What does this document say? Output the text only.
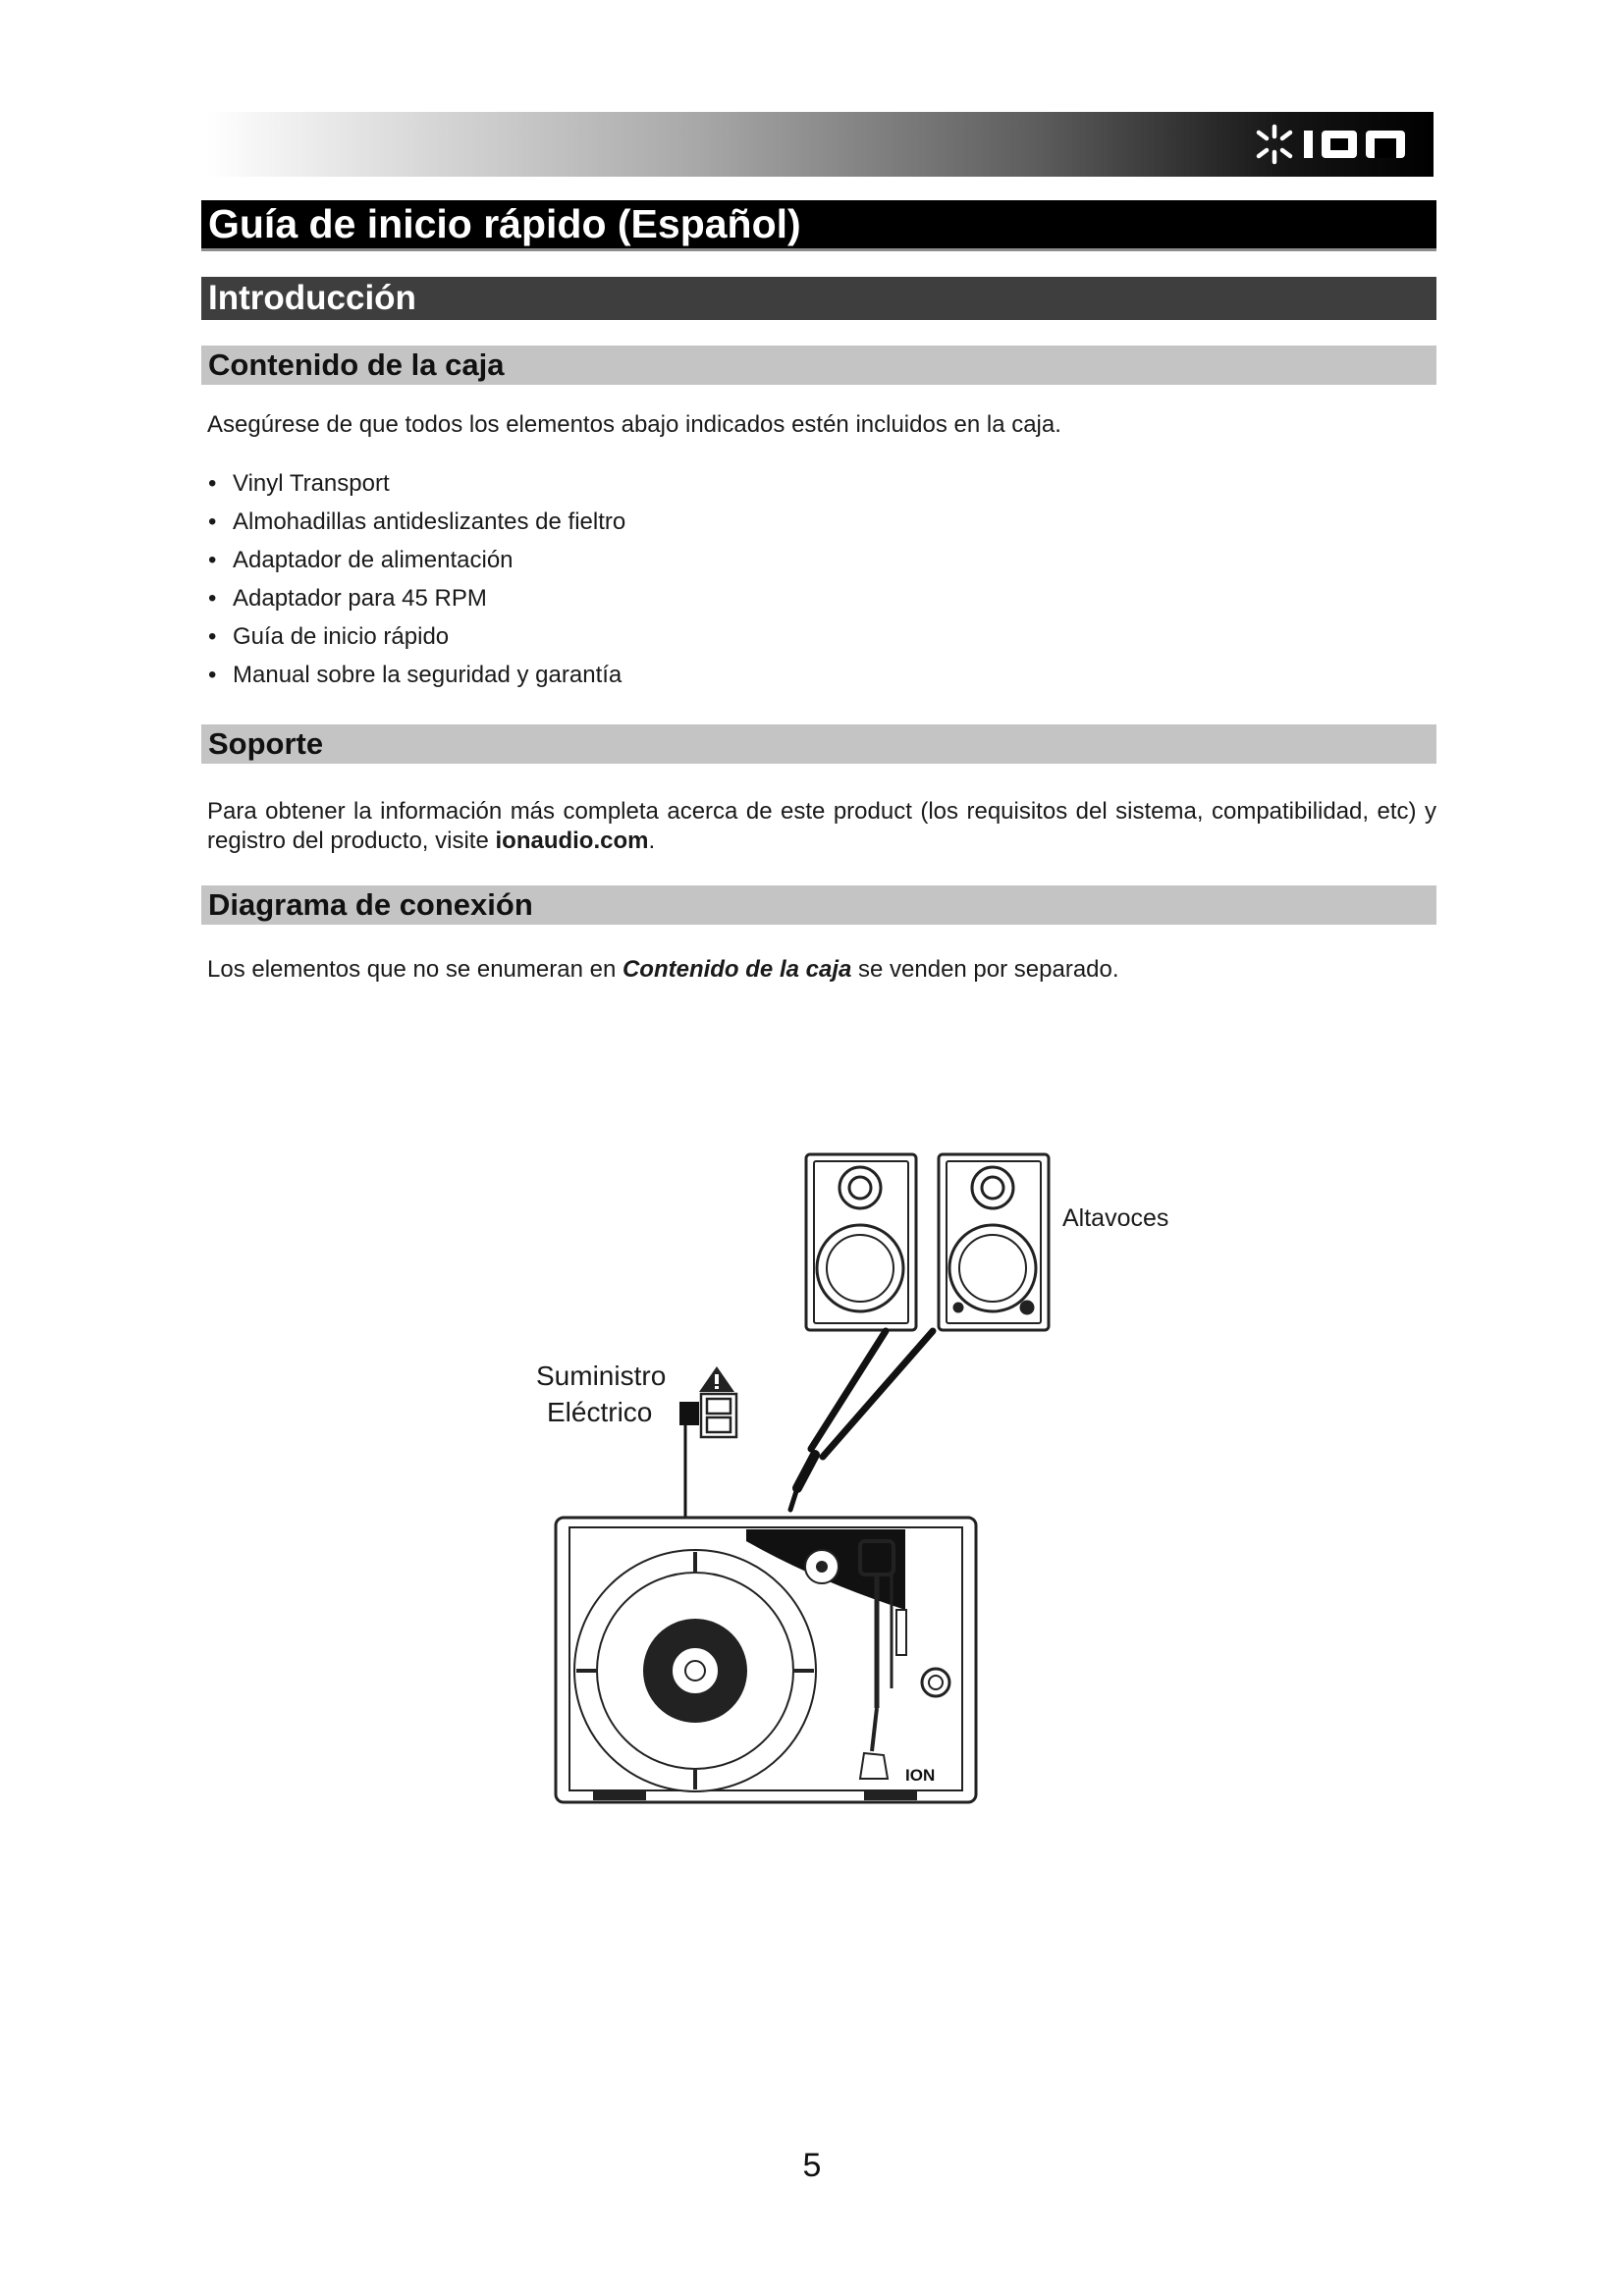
ION
Guía de inicio rápido (Español)
Introducción
Contenido de la caja
Asegúrese de que todos los elementos abajo indicados estén incluidos en la caja.
• Vinyl Transport
• Almohadillas antideslizantes de fieltro
• Adaptador de alimentación
• Adaptador para 45 RPM
• Guía de inicio rápido
• Manual sobre la seguridad y garantía
Soporte
Para obtener la información más completa acerca de este product (los requisitos del sistema, compatibilidad, etc) y registro del producto, visite ionaudio.com.
Diagrama de conexión
Los elementos que no se enumeran en Contenido de la caja se venden por separado.
Altavoces
Suministro
Eléctrico
ION
5
